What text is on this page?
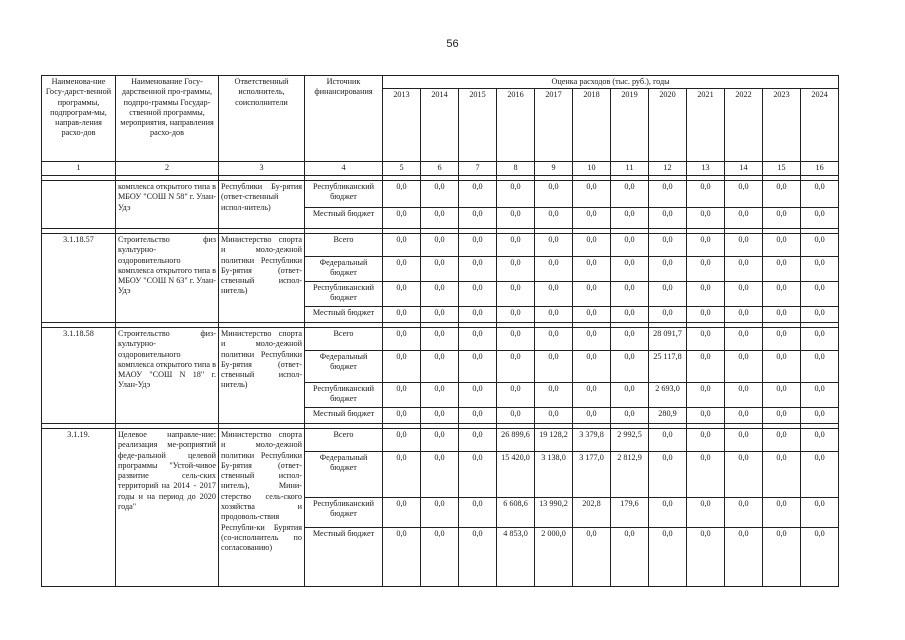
56
Наименова-ние Госу-дарст-венной программы, подпрограм-мы, направ-ления расхо-дов	Наименование Госу-дарственной про-граммы, подпро-граммы Государ-ственной программы, мероприятия, направления расхо-дов	Ответственный исполнитель, соисполнители	Источник финансирования	Оценка расходов (тыс. руб.), годы											
				2013	2014	2015	2016	2017	2018	2019	2020	2021	2022	2023	2024
1	2	3	4	5	6	7	8	9	10	11	12	13	14	15	16

	комплекса открытого типа в МБОУ "СОШ N 58" г. Улан-Удэ	Республики Бу-рятия (ответ-ственный испол-нитель)	Республиканский бюджет	0,0	0,0	0,0	0,0	0,0	0,0	0,0	0,0	0,0	0,0	0,0	0,0
			Местный бюджет	0,0	0,0	0,0	0,0	0,0	0,0	0,0	0,0	0,0	0,0	0,0	0,0

3.1.18.57	Строительство физ культурно-оздоровительного комплекса открытого типа в МБОУ "СОШ N 63" г. Улан-Удэ	Министерство спорта и моло-дежной политики Республики Бу-рятия (ответ-ственный испол-нитель)	Всего	0,0	0,0	0,0	0,0	0,0	0,0	0,0	0,0	0,0	0,0	0,0	0,0
			Федеральный бюджет	0,0	0,0	0,0	0,0	0,0	0,0	0,0	0,0	0,0	0,0	0,0	0,0
			Республиканский бюджет	0,0	0,0	0,0	0,0	0,0	0,0	0,0	0,0	0,0	0,0	0,0	0,0
			Местный бюджет	0,0	0,0	0,0	0,0	0,0	0,0	0,0	0,0	0,0	0,0	0,0	0,0

3.1.18.58	Строительство физ-культурно-оздоровительного комплекса открытого типа в МАОУ "СОШ N 18" г. Улан-Удэ	Министерство спорта и моло-дежной политики Республики Бу-рятия (ответ-ственный испол-нитель)	Всего	0,0	0,0	0,0	0,0	0,0	0,0	0,0	28 091,7	0,0	0,0	0,0	0,0
			Федеральный бюджет	0,0	0,0	0,0	0,0	0,0	0,0	0,0	25 117,8	0,0	0,0	0,0	0,0
			Республиканский бюджет	0,0	0,0	0,0	0,0	0,0	0,0	0,0	2 693,0	0,0	0,0	0,0	0,0
			Местный бюджет	0,0	0,0	0,0	0,0	0,0	0,0	0,0	280,9	0,0	0,0	0,0	0,0

3.1.19.	Целевое направле-ние: реализация ме-роприятий феде-ральной целевой программы "Устой-чивое развитие сель-ских территорий на 2014 - 2017 годы и на период до 2020 года"	Министерство спорта и моло-дежной политики Республики Бу-рятия (ответ-ственный испол-нитель), Мини-стерство сель-ского хозяйства и продоволь-ствия Республи-ки Бурятия (со-исполнитель по согласованию)	Всего	0,0	0,0	0,0	26 899,6	19 128,2	3 379,8	2 992,5	0,0	0,0	0,0	0,0	0,0
			Федеральный бюджет	0,0	0,0	0,0	15 420,0	3 138,0	3 177,0	2 812,9	0,0	0,0	0,0	0,0	0,0
			Республиканский бюджет	0,0	0,0	0,0	6 608,6	13 990,2	202,8	179,6	0,0	0,0	0,0	0,0	0,0
			Местный бюджет	0,0	0,0	0,0	4 853,0	2 000,0	0,0	0,0	0,0	0,0	0,0	0,0	0,0
